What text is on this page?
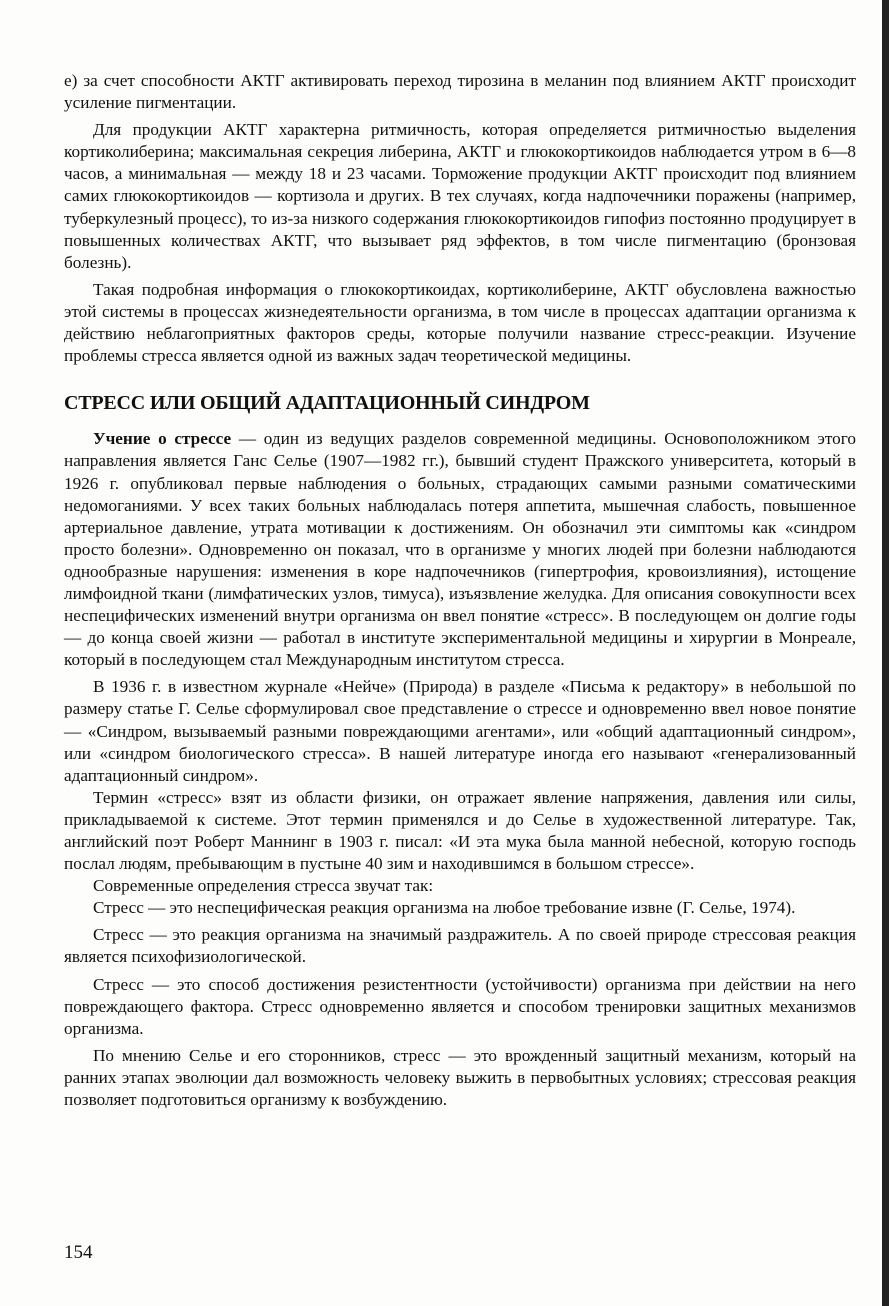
е) за счет способности АКТГ активировать переход тирозина в меланин под влиянием АКТГ происходит усиление пигментации.

Для продукции АКТГ характерна ритмичность, которая определяется ритмичностью выделения кортиколиберина; максимальная секреция либерина, АКТГ и глюкокортикоидов наблюдается утром в 6—8 часов, а минимальная — между 18 и 23 часами. Торможение продукции АКТГ происходит под влиянием самих глюкокортикоидов — кортизола и других. В тех случаях, когда надпочечники поражены (например, туберкулезный процесс), то из-за низкого содержания глюкокортикоидов гипофиз постоянно продуцирует в повышенных количествах АКТГ, что вызывает ряд эффектов, в том числе пигментацию (бронзовая болезнь).

Такая подробная информация о глюкокортикоидах, кортиколиберине, АКТГ обусловлена важностью этой системы в процессах жизнедеятельности организма, в том числе в процессах адаптации организма к действию неблагоприятных факторов среды, которые получили название стресс-реакции. Изучение проблемы стресса является одной из важных задач теоретической медицины.

СТРЕСС ИЛИ ОБЩИЙ АДАПТАЦИОННЫЙ СИНДРОМ

Учение о стрессе — один из ведущих разделов современной медицины. Основоположником этого направления является Ганс Селье (1907—1982 гг.), бывший студент Пражского университета, который в 1926 г. опубликовал первые наблюдения о больных, страдающих самыми разными соматическими недомоганиями. У всех таких больных наблюдалась потеря аппетита, мышечная слабость, повышенное артериальное давление, утрата мотивации к достижениям. Он обозначил эти симптомы как «синдром просто болезни». Одновременно он показал, что в организме у многих людей при болезни наблюдаются однообразные нарушения: изменения в коре надпочечников (гипертрофия, кровоизлияния), истощение лимфоидной ткани (лимфатических узлов, тимуса), изъязвление желудка. Для описания совокупности всех неспецифических изменений внутри организма он ввел понятие «стресс». В последующем он долгие годы — до конца своей жизни — работал в институте экспериментальной медицины и хирургии в Монреале, который в последующем стал Международным институтом стресса.

В 1936 г. в известном журнале «Нейче» (Природа) в разделе «Письма к редактору» в небольшой по размеру статье Г. Селье сформулировал свое представление о стрессе и одновременно ввел новое понятие — «Синдром, вызываемый разными повреждающими агентами», или «общий адаптационный синдром», или «синдром биологического стресса». В нашей литературе иногда его называют «генерализованный адаптационный синдром».

Термин «стресс» взят из области физики, он отражает явление напряжения, давления или силы, прикладываемой к системе. Этот термин применялся и до Селье в художественной литературе. Так, английский поэт Роберт Маннинг в 1903 г. писал: «И эта мука была манной небесной, которую господь послал людям, пребывающим в пустыне 40 зим и находившимся в большом стрессе».

Современные определения стресса звучат так:

Стресс — это неспецифическая реакция организма на любое требование извне (Г. Селье, 1974).

Стресс — это реакция организма на значимый раздражитель. А по своей природе стрессовая реакция является психофизиологической.

Стресс — это способ достижения резистентности (устойчивости) организма при действии на него повреждающего фактора. Стресс одновременно является и способом тренировки защитных механизмов организма.

По мнению Селье и его сторонников, стресс — это врожденный защитный механизм, который на ранних этапах эволюции дал возможность человеку выжить в первобытных условиях; стрессовая реакция позволяет подготовиться организму к возбуждению.

154
